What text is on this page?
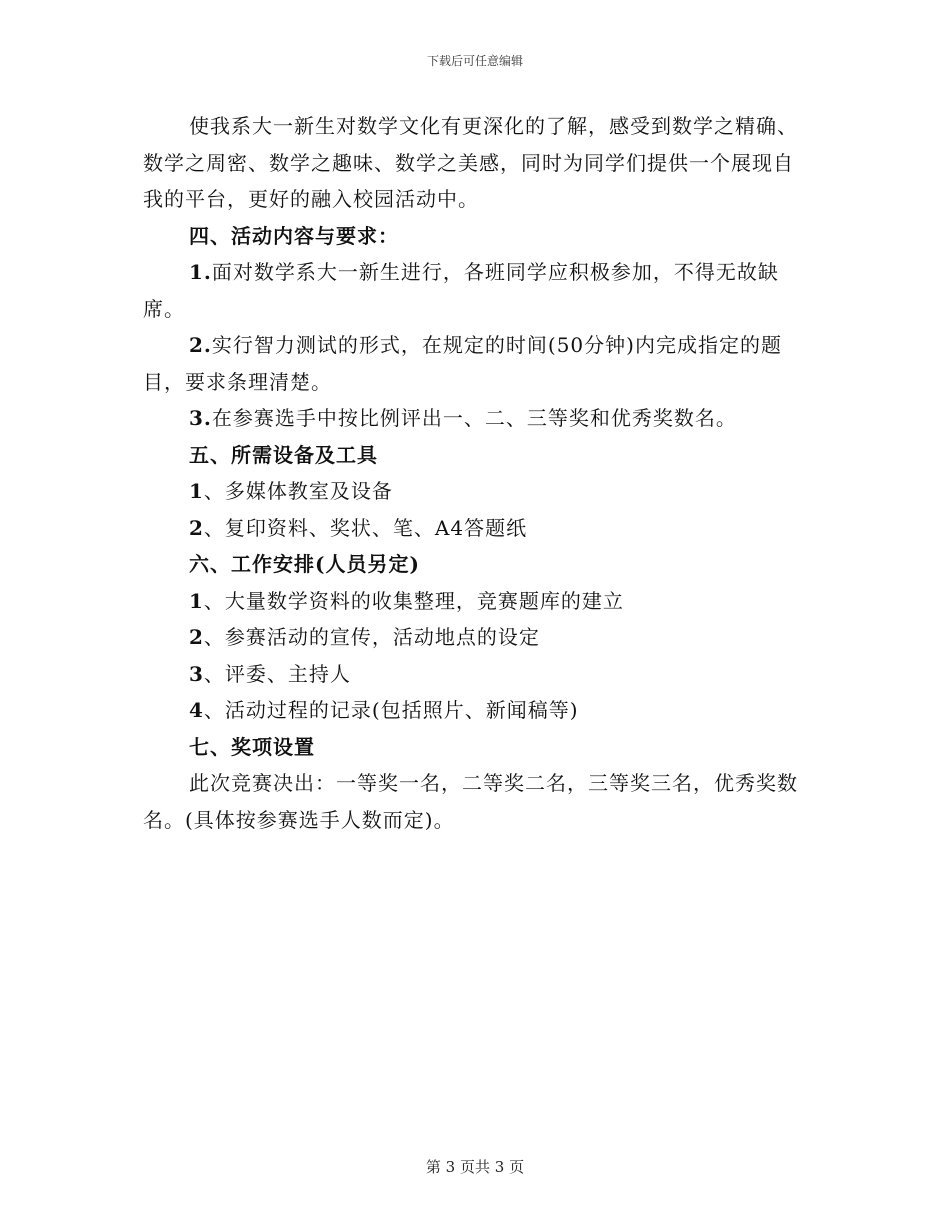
下载后可任意编辑

使我系大一新生对数学文化有更深化的了解，感受到数学之精确、数学之周密、数学之趣味、数学之美感，同时为同学们提供一个展现自我的平台，更好的融入校园活动中。

四、活动内容与要求：

1.面对数学系大一新生进行，各班同学应积极参加，不得无故缺席。

2.实行智力测试的形式，在规定的时间(50分钟)内完成指定的题目，要求条理清楚。

3.在参赛选手中按比例评出一、二、三等奖和优秀奖数名。

五、所需设备及工具

1、多媒体教室及设备

2、复印资料、奖状、笔、A4答题纸

六、工作安排(人员另定)

1、大量数学资料的收集整理，竞赛题库的建立

2、参赛活动的宣传，活动地点的设定

3、评委、主持人

4、活动过程的记录(包括照片、新闻稿等)

七、奖项设置

此次竞赛决出：一等奖一名，二等奖二名，三等奖三名，优秀奖数名。(具体按参赛选手人数而定)。

第 3 页共 3 页
